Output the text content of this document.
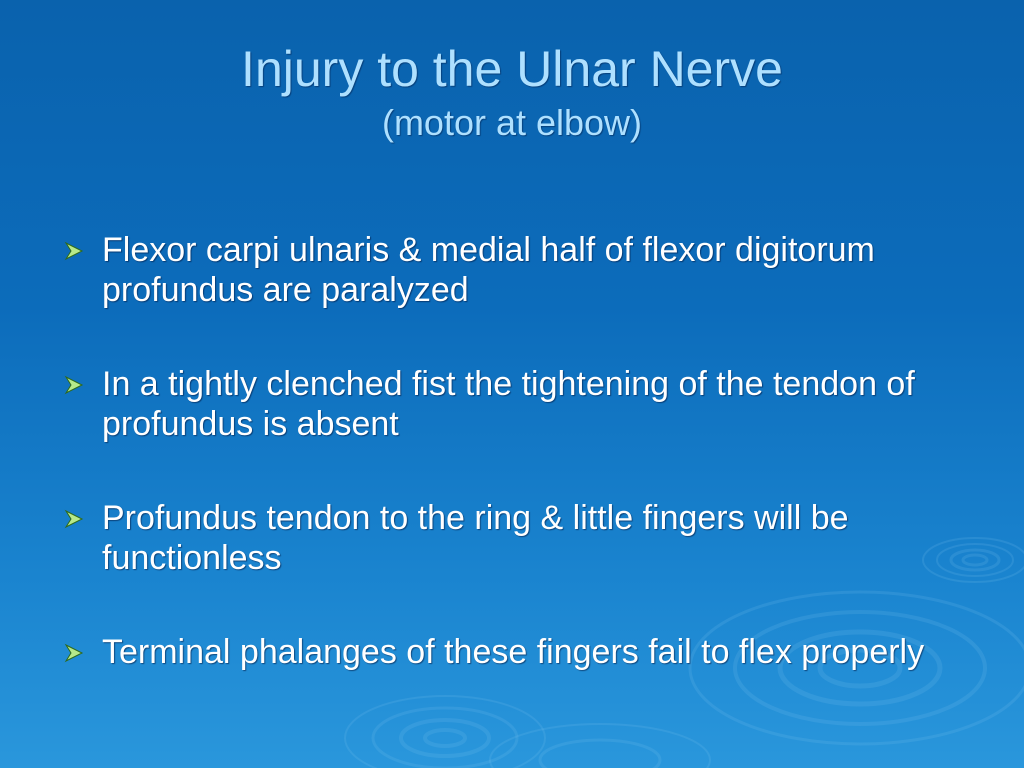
Injury to the Ulnar Nerve
(motor at elbow)
Flexor carpi ulnaris & medial half of flexor digitorum profundus are paralyzed
In a tightly clenched fist the tightening of the tendon of profundus is absent
Profundus tendon to the ring & little fingers will be functionless
Terminal phalanges of these fingers fail to flex properly
